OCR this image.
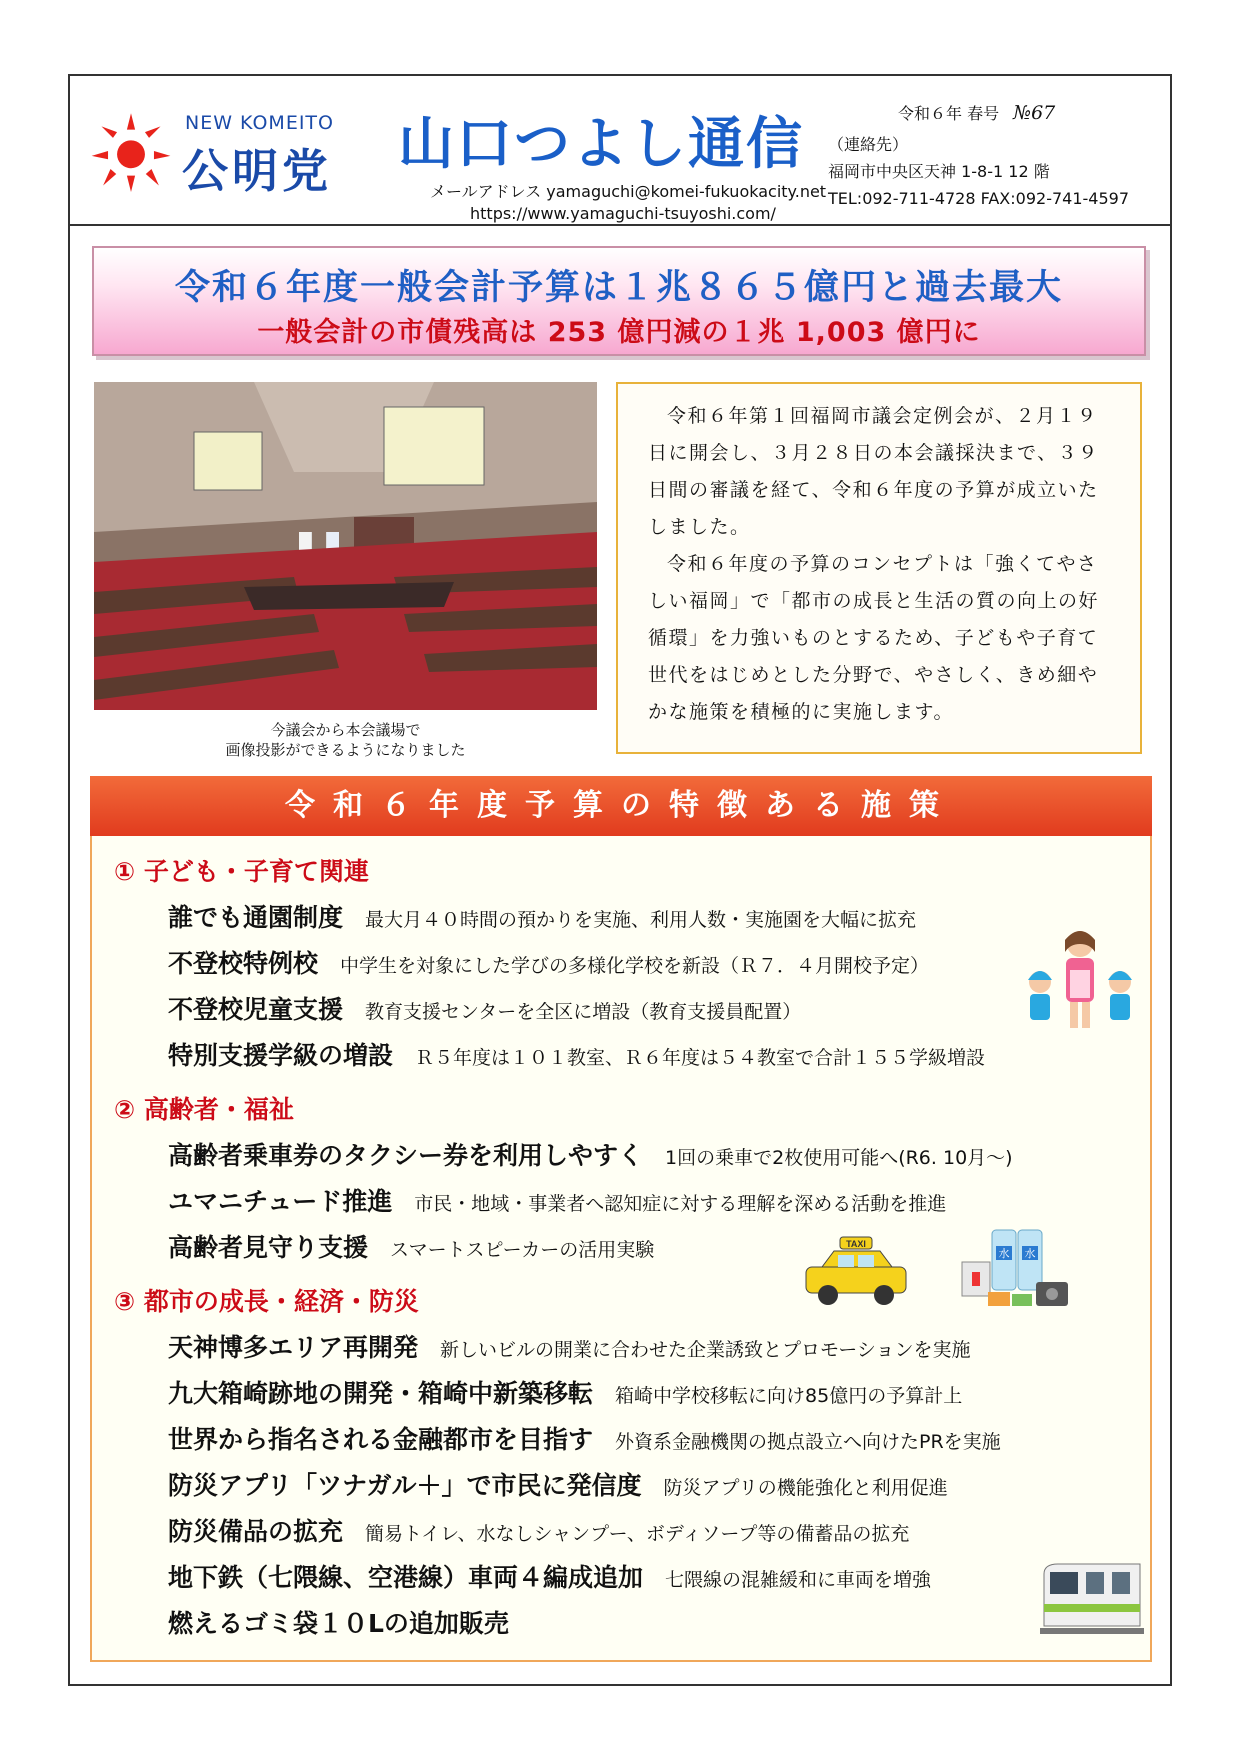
NEW KOMEITO
公明党 山口つよし通信
メールアドレス yamaguchi@komei-fukuokacity.net
https://www.yamaguchi-tsuyoshi.com/
令和６年 春号 №67
（連絡先）
福岡市中央区天神 1-8-1 12 階
TEL:092-711-4728 FAX:092-741-4597
令和６年度一般会計予算は１兆８６５億円と過去最大
一般会計の市債残高は 253 億円減の１兆 1,003 億円に
今議会から本会議場で
画像投影ができるようになりました

令和６年第１回福岡市議会定例会が、２月１９日に開会し、３月２８日の本会議採決まで、３９日間の審議を経て、令和６年度の予算が成立いたしました。

令和６年度の予算のコンセプトは「強くてやさしい福岡」で「都市の成長と生活の質の向上の好循環」を力強いものとするため、子どもや子育て世代をはじめとした分野で、やさしく、きめ細やかな施策を積極的に実施します。

令和６年度予算の特徴ある施策
① 子ども・子育て関連
誰でも通園制度 最大月４０時間の預かりを実施、利用人数・実施園を大幅に拡充
不登校特例校 中学生を対象にした学びの多様化学校を新設（Ｒ７．４月開校予定）
不登校児童支援 教育支援センターを全区に増設（教育支援員配置）
特別支援学級の増設 Ｒ５年度は１０１教室、Ｒ６年度は５４教室で合計１５５学級増設
② 高齢者・福祉
高齢者乗車券のタクシー券を利用しやすく 1回の乗車で2枚使用可能へ(R6. 10月～)
ユマニチュード推進 市民・地域・事業者へ認知症に対する理解を深める活動を推進
高齢者見守り支援 スマートスピーカーの活用実験
③ 都市の成長・経済・防災
天神博多エリア再開発 新しいビルの開業に合わせた企業誘致とプロモーションを実施
九大箱崎跡地の開発・箱崎中新築移転 箱崎中学校移転に向け85億円の予算計上
世界から指名される金融都市を目指す 外資系金融機関の拠点設立へ向けたPRを実施
防災アプリ「ツナガル＋」で市民に発信度 防災アプリの機能強化と利用促進
防災備品の拡充 簡易トイレ、水なしシャンプー、ボディソープ等の備蓄品の拡充
地下鉄（七隈線、空港線）車両４編成追加 七隈線の混雑緩和に車両を増強
燃えるゴミ袋１０Lの追加販売
TAXI
水 水
